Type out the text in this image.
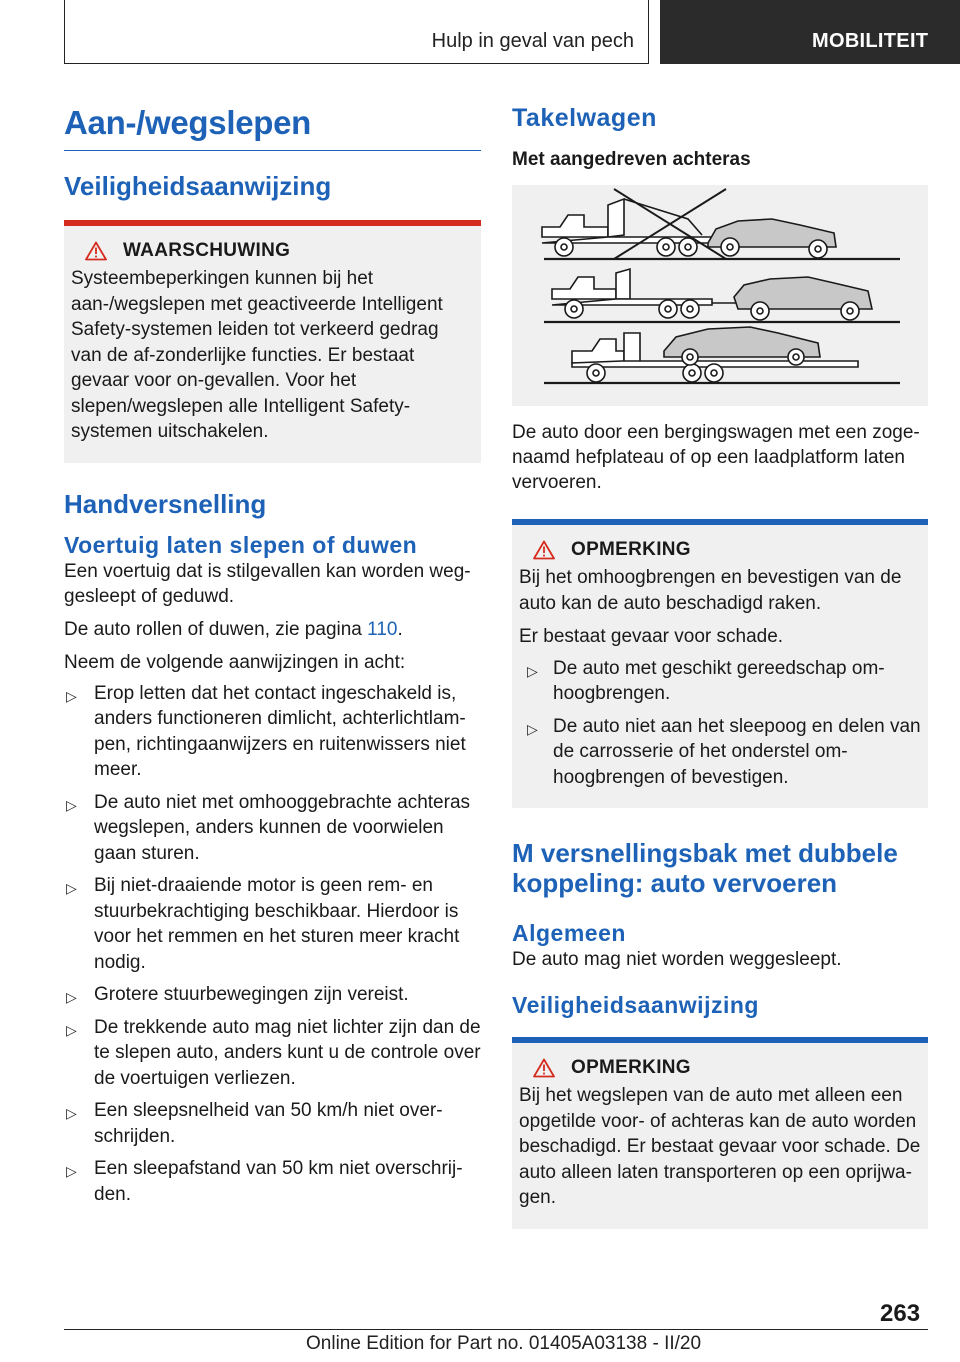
Hulp in geval van pech	MOBILITEIT
Aan-/wegslepen
Veiligheidsaanwijzing
WAARSCHUWING

Systeembeperkingen kunnen bij het aan-/wegslepen met geactiveerde Intelligent Safety-systemen leiden tot verkeerd gedrag van de af-zonderlijke functies. Er bestaat gevaar voor on-gevallen. Voor het slepen/wegslepen alle Intelligent Safety-systemen uitschakelen.

Handversnelling
Voertuig laten slepen of duwen

Een voertuig dat is stilgevallen kan worden weg-gesleept of geduwd.

De auto rollen of duwen, zie pagina 110.

Neem de volgende aanwijzingen in acht:

▷ Erop letten dat het contact ingeschakeld is, anders functioneren dimlicht, achterlichtlam-pen, richtingaanwijzers en ruitenwissers niet meer.
▷ De auto niet met omhooggebrachte achteras wegslepen, anders kunnen de voorwielen gaan sturen.
▷ Bij niet-draaiende motor is geen rem- en stuurbekrachtiging beschikbaar. Hierdoor is voor het remmen en het sturen meer kracht nodig.
▷ Grotere stuurbewegingen zijn vereist.
▷ De trekkende auto mag niet lichter zijn dan de te slepen auto, anders kunt u de controle over de voertuigen verliezen.
▷ Een sleepsnelheid van 50 km/h niet over-schrijden.
▷ Een sleepafstand van 50 km niet overschrij-den.
Takelwagen
Met aangedreven achteras

De auto door een bergingswagen met een zoge-naamd hefplateau of op een laadplatform laten vervoeren.

OPMERKING

Bij het omhoogbrengen en bevestigen van de auto kan de auto beschadigd raken.

Er bestaat gevaar voor schade.

▷ De auto met geschikt gereedschap om-hoogbrengen.
▷ De auto niet aan het sleepoog en delen van de carrosserie of het onderstel om-hoogbrengen of bevestigen.
M versnellingsbak met dubbele koppeling: auto vervoeren
Algemeen

De auto mag niet worden weggesleept.

Veiligheidsaanwijzing
OPMERKING

Bij het wegslepen van de auto met alleen een opgetilde voor- of achteras kan de auto worden beschadigd. Er bestaat gevaar voor schade. De auto alleen laten transporteren op een oprijwa-gen.

263
Online Edition for Part no. 01405A03138 - II/20
